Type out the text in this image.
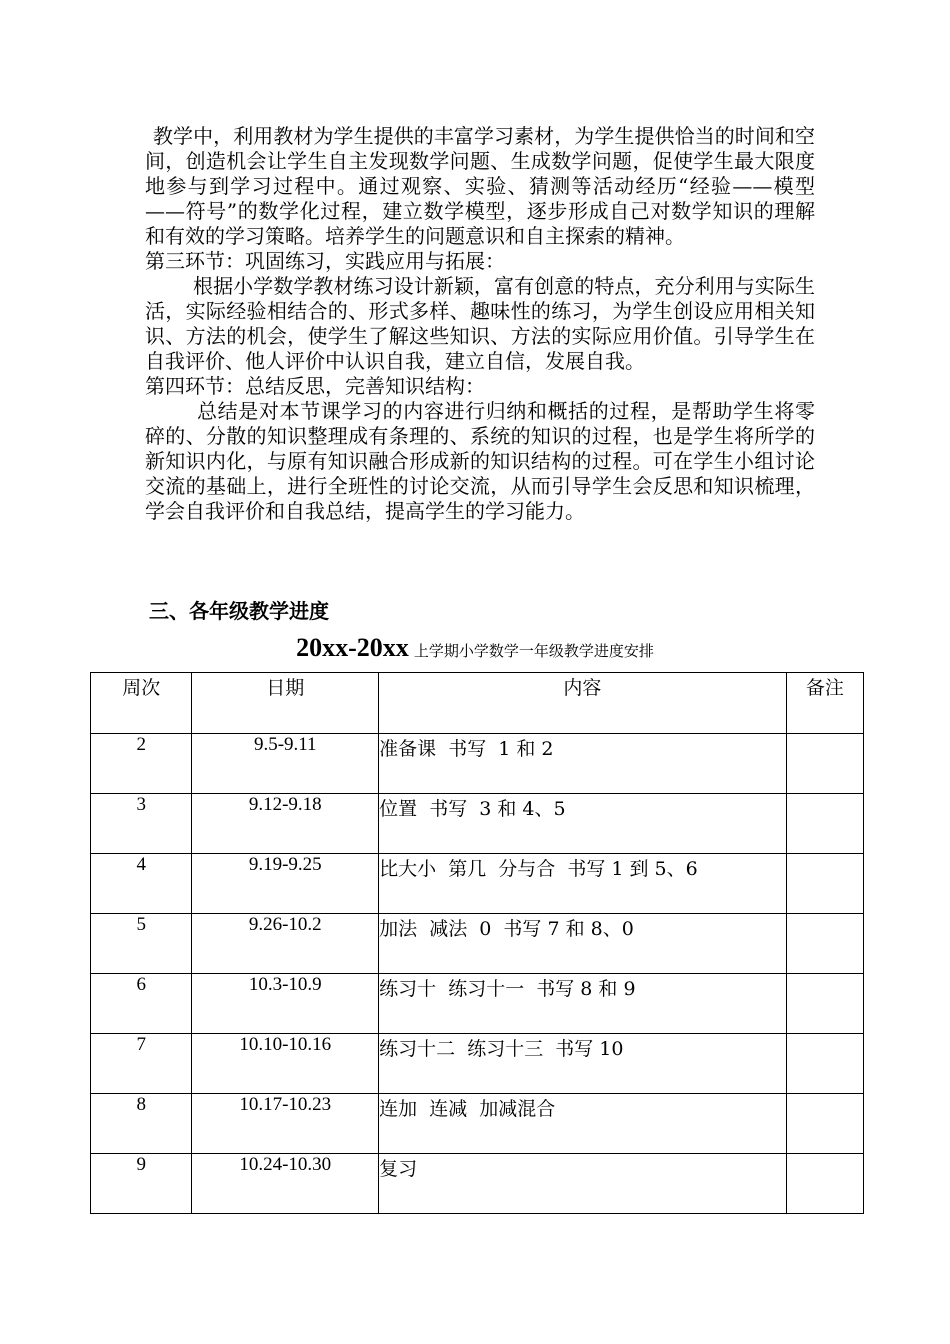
教学中，利用教材为学生提供的丰富学习素材，为学生提供恰当的时间和空间，创造机会让学生自主发现数学问题、生成数学问题，促使学生最大限度地参与到学习过程中。通过观察、实验、猜测等活动经历“经验——模型——符号”的数学化过程，建立数学模型，逐步形成自己对数学知识的理解和有效的学习策略。培养学生的问题意识和自主探索的精神。

第三环节：巩固练习，实践应用与拓展：

根据小学数学教材练习设计新颖，富有创意的特点，充分利用与实际生活，实际经验相结合的、形式多样、趣味性的练习，为学生创设应用相关知识、方法的机会，使学生了解这些知识、方法的实际应用价值。引导学生在自我评价、他人评价中认识自我，建立自信，发展自我。

第四环节：总结反思，完善知识结构：

总结是对本节课学习的内容进行归纳和概括的过程，是帮助学生将零碎的、分散的知识整理成有条理的、系统的知识的过程，也是学生将所学的新知识内化，与原有知识融合形成新的知识结构的过程。可在学生小组讨论交流的基础上，进行全班性的讨论交流，从而引导学生会反思和知识梳理，学会自我评价和自我总结，提高学生的学习能力。

三、各年级教学进度
20xx-20xx 上学期小学数学一年级教学进度安排
周次	日期	内容	备注
2	9.5-9.11	准备课  书写  1 和 2	
3	9.12-9.18	位置  书写  3 和 4、5	
4	9.19-9.25	比大小  第几  分与合  书写 1 到 5、6	
5	9.26-10.2	加法  减法  0  书写 7 和 8、0	
6	10.3-10.9	练习十  练习十一  书写 8 和 9	
7	10.10-10.16	练习十二  练习十三  书写 10	
8	10.17-10.23	连加  连减  加减混合	
9	10.24-10.30	复习	
